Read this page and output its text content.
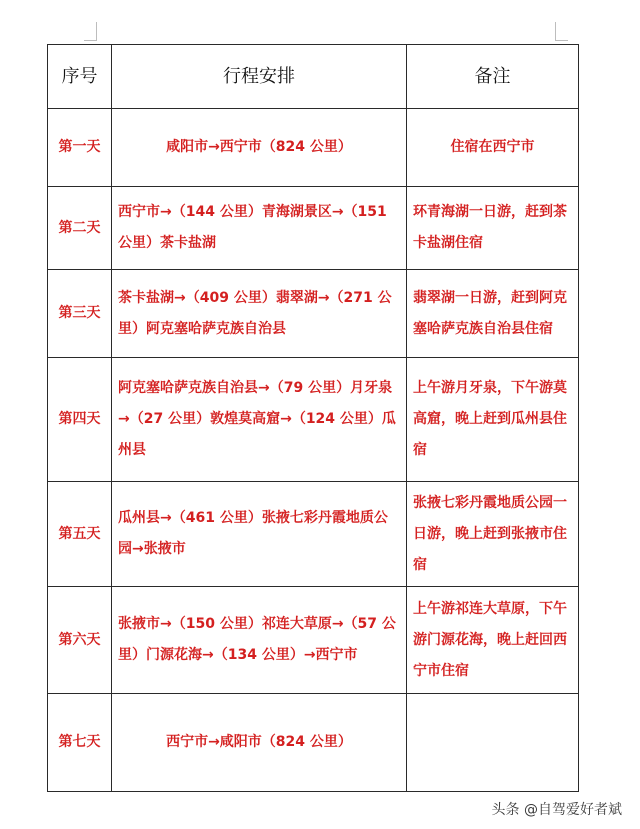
序号	行程安排	备注
第一天	咸阳市→西宁市（824 公里）	住宿在西宁市
第二天	西宁市→（144 公里）青海湖景区→（151 公里）茶卡盐湖	环青海湖一日游，赶到茶卡盐湖住宿
第三天	茶卡盐湖→（409 公里）翡翠湖→（271 公里）阿克塞哈萨克族自治县	翡翠湖一日游，赶到阿克塞哈萨克族自治县住宿
第四天	阿克塞哈萨克族自治县→（79 公里）月牙泉→（27 公里）敦煌莫高窟→（124 公里）瓜州县	上午游月牙泉，下午游莫高窟，晚上赶到瓜州县住宿
第五天	瓜州县→（461 公里）张掖七彩丹霞地质公园→张掖市	张掖七彩丹霞地质公园一日游，晚上赶到张掖市住宿
第六天	张掖市→（150 公里）祁连大草原→（57 公里）门源花海→（134 公里）→西宁市	上午游祁连大草原，下午游门源花海，晚上赶回西宁市住宿
第七天	西宁市→咸阳市（824 公里）	
头条 @自驾爱好者斌
